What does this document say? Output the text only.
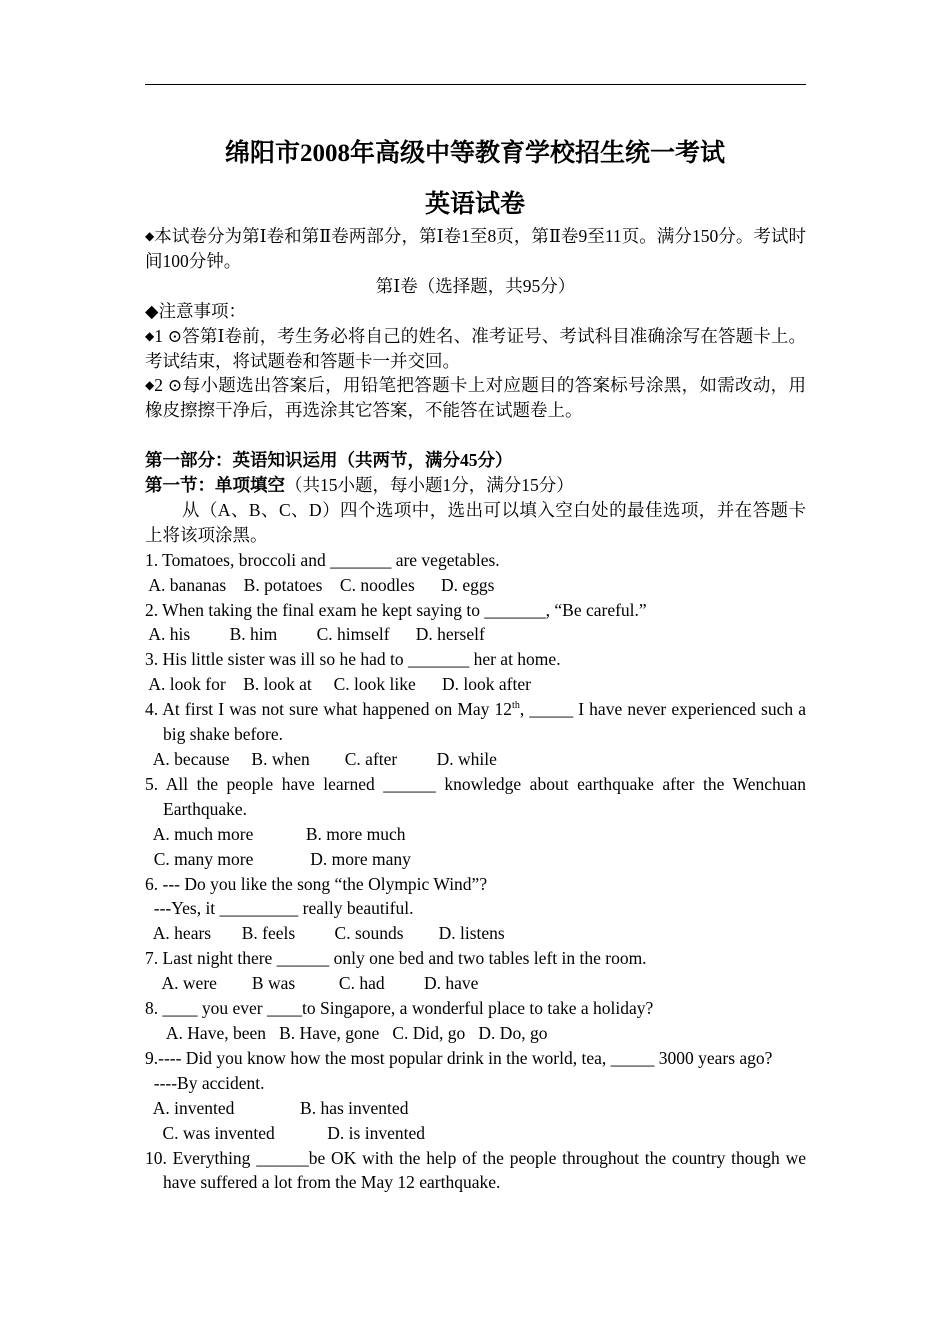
绵阳市2008年高级中等教育学校招生统一考试
英语试卷

◆本试卷分为第Ⅰ卷和第Ⅱ卷两部分，第Ⅰ卷1至8页，第Ⅱ卷9至11页。满分150分。考试时间100分钟。

第Ⅰ卷（选择题，共95分）

◆注意事项：

◆1 ⊙答第Ⅰ卷前，考生务必将自己的姓名、准考证号、考试科目准确涂写在答题卡上。考试结束，将试题卷和答题卡一并交回。

◆2 ⊙每小题选出答案后，用铅笔把答题卡上对应题目的答案标号涂黑，如需改动，用橡皮擦擦干净后，再选涂其它答案，不能答在试题卷上。

第一部分：英语知识运用（共两节，满分45分）

第一节：单项填空（共15小题，每小题1分，满分15分）

从（A、B、C、D）四个选项中，选出可以填入空白处的最佳选项，并在答题卡上将该项涂黑。

1. Tomatoes, broccoli and _______ are vegetables.

A. bananas    B. potatoes    C. noodles      D. eggs

2. When taking the final exam he kept saying to _______, “Be careful.”

A. his         B. him         C. himself      D. herself

3. His little sister was ill so he had to _______ her at home.

A. look for    B. look at     C. look like      D. look after

4. At first I was not sure what happened on May 12th, _____ I have never experienced such a big shake before.

A. because     B. when        C. after         D. while

5. All the people have learned ______ knowledge about earthquake after the Wenchuan Earthquake.

A. much more            B. more much

C. many more             D. more many

6. --- Do you like the song “the Olympic Wind”?

---Yes, it _________ really beautiful.

A. hears       B. feels         C. sounds        D. listens

7. Last night there ______ only one bed and two tables left in the room.

A. were        B was          C. had         D. have

8. ____ you ever ____to Singapore, a wonderful place to take a holiday?

A. Have, been   B. Have, gone   C. Did, go   D. Do, go

9.---- Did you know how the most popular drink in the world, tea, _____ 3000 years ago?

----By accident.

A. invented               B. has invented

C. was invented            D. is invented

10. Everything ______be OK with the help of the people throughout the country though we have suffered a lot from the May 12 earthquake.
